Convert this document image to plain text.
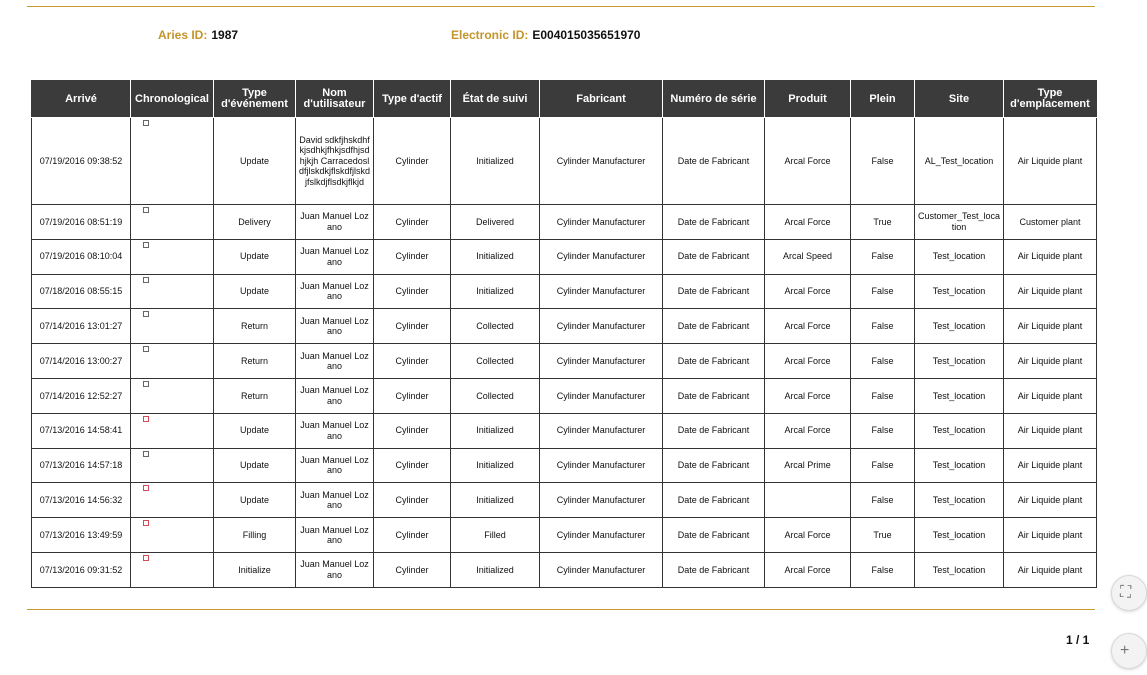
Aries ID: 1987	Electronic ID: E004015035651970
Arrivé	Chronological	Type d'événement	Nom d'utilisateur	Type d'actif	État de suivi	Fabricant	Numéro de série	Produit	Plein	Site	Type d'emplacement
07/19/2016 09:38:52		Update	David sdkfjhskdhfkjsdhkjfhkjsdfhjsdhjkjh Carracedosldfjlskdkjflskdfjlskdjfslkdjflsdkjflkjd	Cylinder	Initialized	Cylinder Manufacturer	Date de Fabricant	Arcal Force	False	AL_Test_location	Air Liquide plant
07/19/2016 08:51:19		Delivery	Juan Manuel Lozano	Cylinder	Delivered	Cylinder Manufacturer	Date de Fabricant	Arcal Force	True	Customer_Test_location	Customer plant
07/19/2016 08:10:04		Update	Juan Manuel Lozano	Cylinder	Initialized	Cylinder Manufacturer	Date de Fabricant	Arcal Speed	False	Test_location	Air Liquide plant
07/18/2016 08:55:15		Update	Juan Manuel Lozano	Cylinder	Initialized	Cylinder Manufacturer	Date de Fabricant	Arcal Force	False	Test_location	Air Liquide plant
07/14/2016 13:01:27		Return	Juan Manuel Lozano	Cylinder	Collected	Cylinder Manufacturer	Date de Fabricant	Arcal Force	False	Test_location	Air Liquide plant
07/14/2016 13:00:27		Return	Juan Manuel Lozano	Cylinder	Collected	Cylinder Manufacturer	Date de Fabricant	Arcal Force	False	Test_location	Air Liquide plant
07/14/2016 12:52:27		Return	Juan Manuel Lozano	Cylinder	Collected	Cylinder Manufacturer	Date de Fabricant	Arcal Force	False	Test_location	Air Liquide plant
07/13/2016 14:58:41		Update	Juan Manuel Lozano	Cylinder	Initialized	Cylinder Manufacturer	Date de Fabricant	Arcal Force	False	Test_location	Air Liquide plant
07/13/2016 14:57:18		Update	Juan Manuel Lozano	Cylinder	Initialized	Cylinder Manufacturer	Date de Fabricant	Arcal Prime	False	Test_location	Air Liquide plant
07/13/2016 14:56:32		Update	Juan Manuel Lozano	Cylinder	Initialized	Cylinder Manufacturer	Date de Fabricant		False	Test_location	Air Liquide plant
07/13/2016 13:49:59		Filling	Juan Manuel Lozano	Cylinder	Filled	Cylinder Manufacturer	Date de Fabricant	Arcal Force	True	Test_location	Air Liquide plant
07/13/2016 09:31:52		Initialize	Juan Manuel Lozano	Cylinder	Initialized	Cylinder Manufacturer	Date de Fabricant	Arcal Force	False	Test_location	Air Liquide plant
1 / 1
⛶
+
